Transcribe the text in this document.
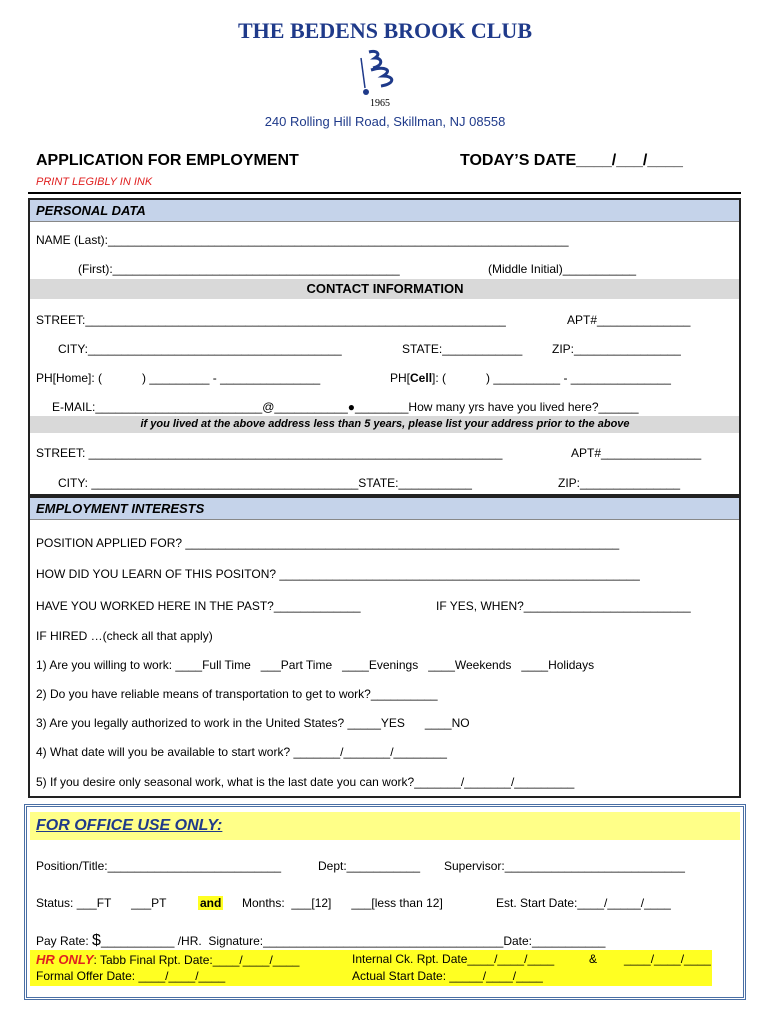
THE BEDENS BROOK CLUB
1965
240 Rolling Hill Road, Skillman, NJ 08558
APPLICATION FOR EMPLOYMENT	TODAY’S DATE____/___/____
PRINT LEGIBLY IN INK
PERSONAL DATA
NAME (Last):_____________________________________________________________________
(First):___________________________________________	(Middle Initial)___________
CONTACT INFORMATION
STREET:_______________________________________________________________	APT#______________
CITY:______________________________________	STATE:____________ ZIP:________________
PH[Home]: (            ) _________ - _______________	PH[Cell]: (            ) __________ - _______________
E-MAIL:_________________________@___________●________How many yrs have you lived here?______
if you lived at the above address less than 5 years, please list your address prior to the above
STREET: ______________________________________________________________	APT#_______________
CITY: ________________________________________STATE:___________	ZIP:_______________
EMPLOYMENT INTERESTS
POSITION APPLIED FOR? _________________________________________________________________
HOW DID YOU LEARN OF THIS POSITON? ______________________________________________________
HAVE YOU WORKED HERE IN THE PAST?_____________	IF YES, WHEN?_________________________
IF HIRED …(check all that apply)
1) Are you willing to work: ____Full Time   ___Part Time   ____Evenings   ____Weekends   ____Holidays
2) Do you have reliable means of transportation to get to work?__________
3) Are you legally authorized to work in the United States? _____YES      ____NO
4) What date will you be available to start work? _______/_______/________
5) If you desire only seasonal work, what is the last date you can work?_______/_______/_________
FOR OFFICE USE ONLY:
Position/Title:__________________________	Dept:___________ Supervisor:___________________________
Status: ___FT      ___PT	and Months:  ___[12]      ___[less than 12]	Est. Start Date:____/_____/____
Pay Rate: $___________ /HR.  Signature:____________________________________Date:___________
HR ONLY: Tabb Final Rpt. Date:____/____/____	Internal Ck. Rpt. Date____/____/____	& ____/____/____
Formal Offer Date: ____/____/____	Actual Start Date: _____/____/____
